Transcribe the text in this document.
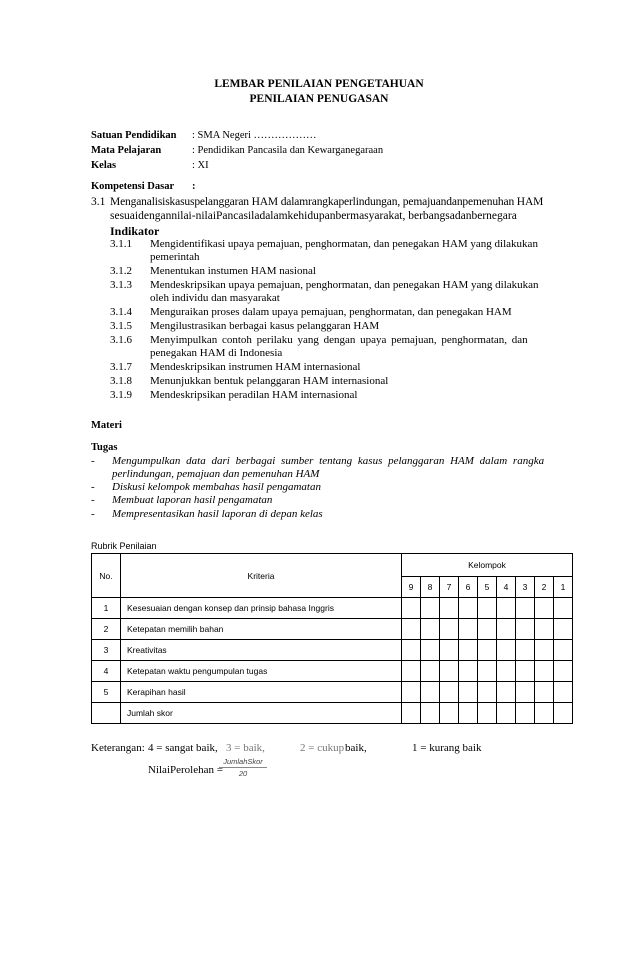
LEMBAR PENILAIAN PENGETAHUAN
PENILAIAN PENUGASAN
Satuan Pendidikan : SMA Negeri ………………
Mata Pelajaran	: Pendidikan Pancasila dan Kewarganegaraan
Kelas	: XI
Kompetensi Dasar :
3.1 Menganalisiskasuspelanggaran HAM dalamrangkaperlindungan, pemajuandanpemenuhan HAM
sesuaidengannilai-nilaiPancasiladalamkehidupanbermasyarakat, berbangsadanbernegara
Indikator
3.1.1 Mengidentifikasi upaya pemajuan, penghormatan, dan penegakan HAM yang dilakukan
pemerintah
3.1.2 Menentukan instumen HAM nasional
3.1.3 Mendeskripsikan upaya pemajuan, penghormatan, dan penegakan HAM yang dilakukan
oleh individu dan masyarakat
3.1.4 Menguraikan proses dalam upaya pemajuan, penghormatan, dan penegakan HAM
3.1.5 Mengilustrasikan berbagai kasus pelanggaran HAM
3.1.6 Menyimpulkan contoh perilaku yang dengan upaya pemajuan, penghormatan, dan
penegakan HAM di Indonesia
3.1.7 Mendeskripsikan instrumen HAM internasional
3.1.8 Menunjukkan bentuk pelanggaran HAM internasional
3.1.9 Mendeskripsikan peradilan HAM internasional
Materi
Tugas
- Mengumpulkan data dari berbagai sumber tentang kasus pelanggaran HAM dalam rangka
perlindungan, pemajuan dan pemenuhan HAM
- Diskusi kelompok membahas hasil pengamatan
- Membuat laporan hasil pengamatan
- Mempresentasikan hasil laporan di depan kelas
Rubrik Penilaian
No.	Kriteria	Kelompok								
		9	8	7	6	5	4	3	2	1
1	Kesesuaian dengan konsep dan prinsip bahasa Inggris									
2	Ketepatan memilih bahan									
3	Kreativitas									
4	Ketepatan waktu pengumpulan tugas									
5	Kerapihan hasil									
	Jumlah skor									
Keterangan: 4 = sangat baik, 3 = baik,	2 = cukup baik,	1 = kurang baik
NilaiPerolehan =
JumlahSkor
20
